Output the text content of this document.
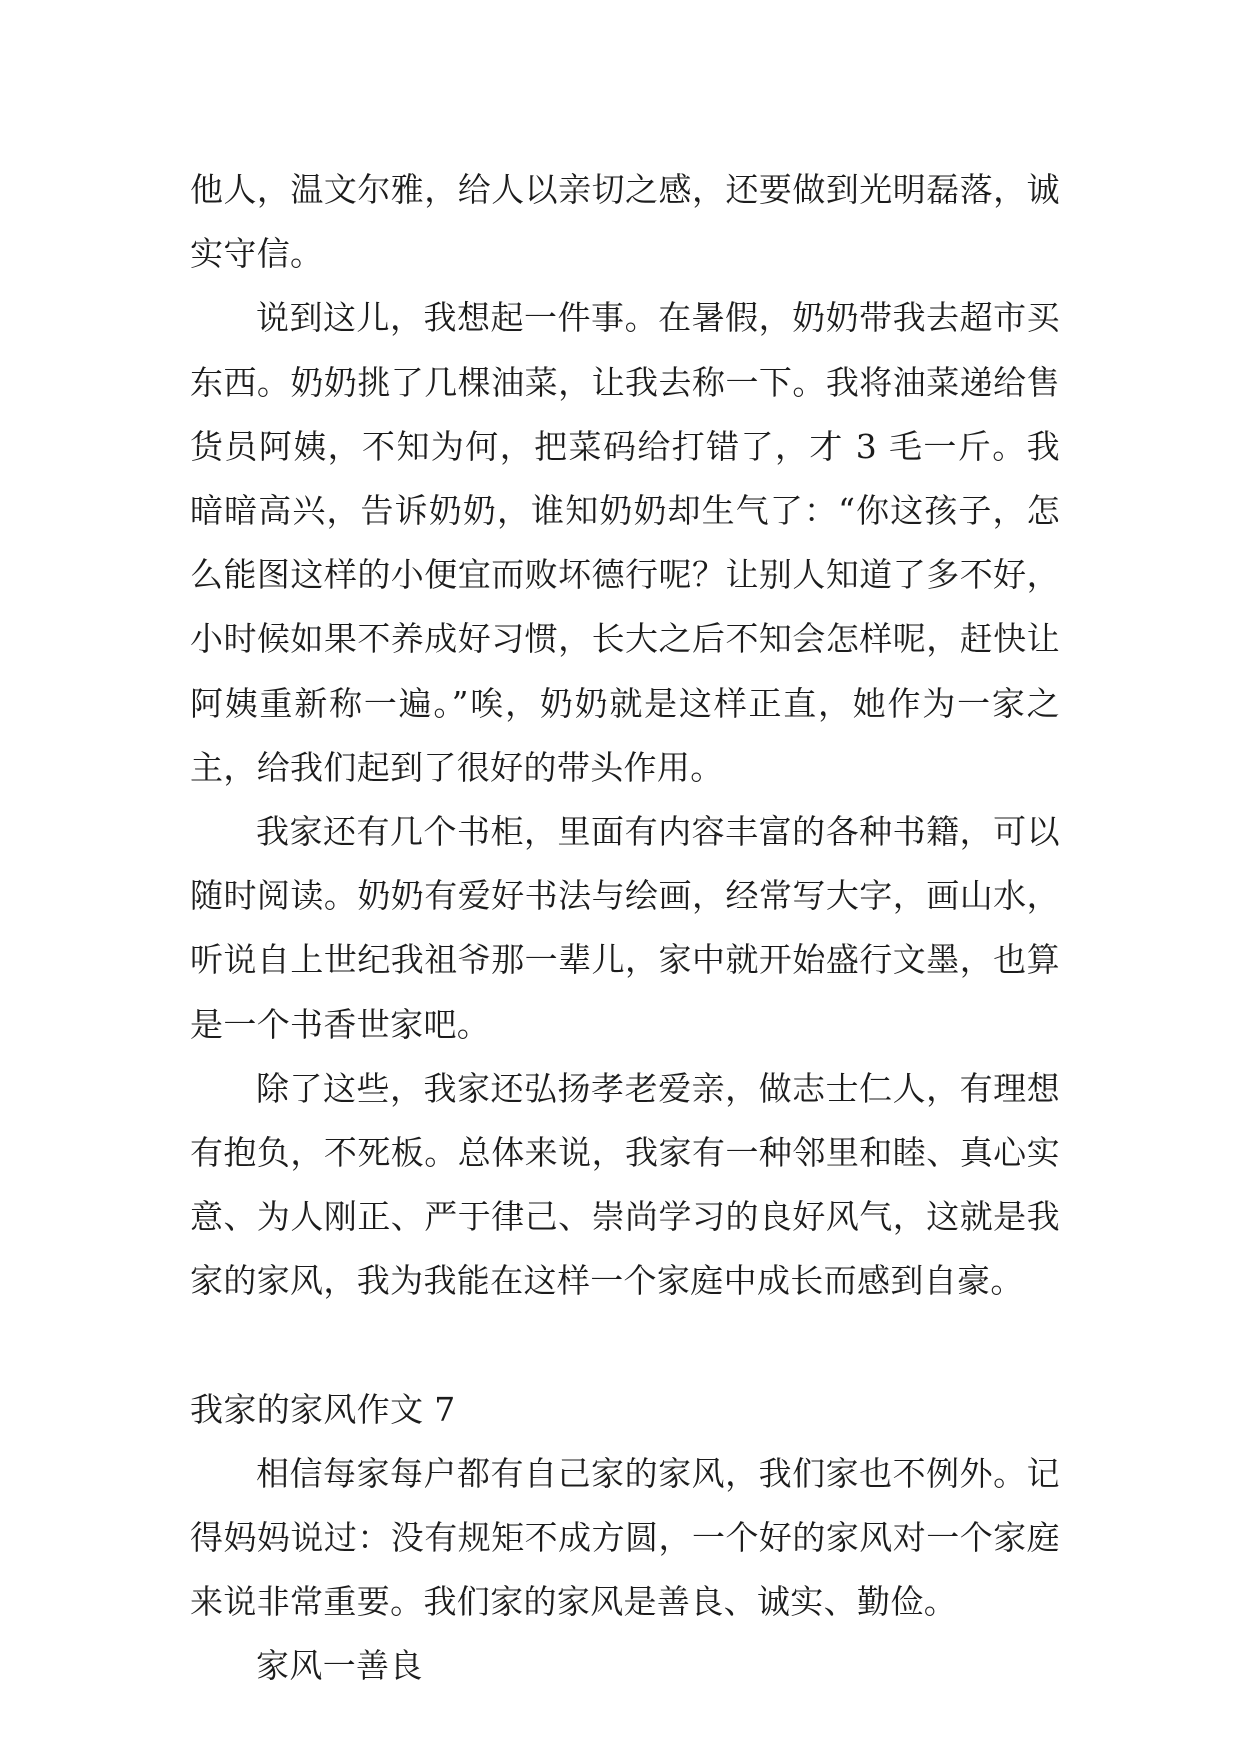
他人，温文尔雅，给人以亲切之感，还要做到光明磊落，诚实守信。

说到这儿，我想起一件事。在暑假，奶奶带我去超市买东西。奶奶挑了几棵油菜，让我去称一下。我将油菜递给售货员阿姨，不知为何，把菜码给打错了，才 3 毛一斤。我暗暗高兴，告诉奶奶，谁知奶奶却生气了：“你这孩子，怎么能图这样的小便宜而败坏德行呢？让别人知道了多不好，小时候如果不养成好习惯，长大之后不知会怎样呢，赶快让阿姨重新称一遍。”唉，奶奶就是这样正直，她作为一家之主，给我们起到了很好的带头作用。

我家还有几个书柜，里面有内容丰富的各种书籍，可以随时阅读。奶奶有爱好书法与绘画，经常写大字，画山水，听说自上世纪我祖爷那一辈儿，家中就开始盛行文墨，也算是一个书香世家吧。

除了这些，我家还弘扬孝老爱亲，做志士仁人，有理想有抱负，不死板。总体来说，我家有一种邻里和睦、真心实意、为人刚正、严于律己、崇尚学习的良好风气，这就是我家的家风，我为我能在这样一个家庭中成长而感到自豪。

我家的家风作文 7

相信每家每户都有自己家的家风，我们家也不例外。记得妈妈说过：没有规矩不成方圆，一个好的家风对一个家庭来说非常重要。我们家的家风是善良、诚实、勤俭。

家风一善良
